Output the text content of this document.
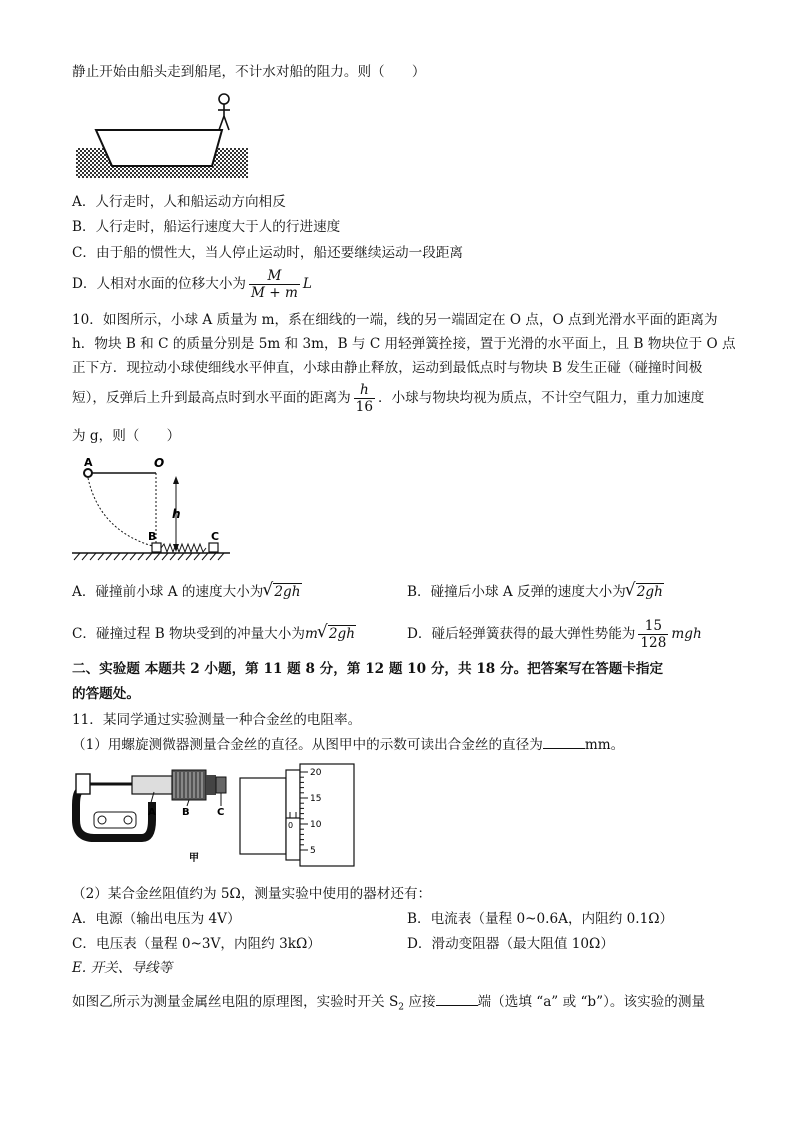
静止开始由船头走到船尾，不计水对船的阻力。则（　　）
A．人行走时，人和船运动方向相反
B．人行走时，船运行速度大于人的行进速度
C．由于船的惯性大，当人停止运动时，船还要继续运动一段距离
D．人相对水面的位移大小为 $\frac{M}{M + m}$ L
10．如图所示，小球 A 质量为 m，系在细线的一端，线的另一端固定在 O 点，O 点到光滑水平面的距离为
h．物块 B 和 C 的质量分别是 5m 和 3m，B 与 C 用轻弹簧拴接，置于光滑的水平面上，且 B 物块位于 O 点
正下方．现拉动小球使细线水平伸直，小球由静止释放，运动到最低点时与物块 B 发生正碰（碰撞时间极
短），反弹后上升到最高点时到水平面的距离为 $\frac{h}{16}$ ．小球与物块均视为质点，不计空气阻力，重力加速度
为 g，则（　　）
A	O
h
B	C
A．碰撞前小球 A 的速度大小为 √ 2gh	B．碰撞后小球 A 反弹的速度大小为 √ 2gh
C．碰撞过程 B 物块受到的冲量大小为m √ 2gh	D．碰后轻弹簧获得的最大弹性势能为 $\frac{15}{128}$ mgh
二、实验题 本题共 2 小题，第 11 题 8 分，第 12 题 10 分，共 18 分。把答案写在答题卡指定
的答题处。
11．某同学通过实验测量一种合金丝的电阻率。
（1）用螺旋测微器测量合金丝的直径。从图甲中的示数可读出合金丝的直径为	mm。
A	B	C
甲
20
15
10
5
0
（2）某合金丝阻值约为 5Ω，测量实验中使用的器材还有：
A．电源（输出电压为 4V）	B．电流表（量程 0~0.6A，内阻约 0.1Ω）
C．电压表（量程 0~3V，内阻约 3kΩ）	D．滑动变阻器（最大阻值 10Ω）
E. 开关、导线等
如图乙所示为测量金属丝电阻的原理图，实验时开关 $S_2$ 应接	端（选填 “a” 或 “b”）。该实验的测量
